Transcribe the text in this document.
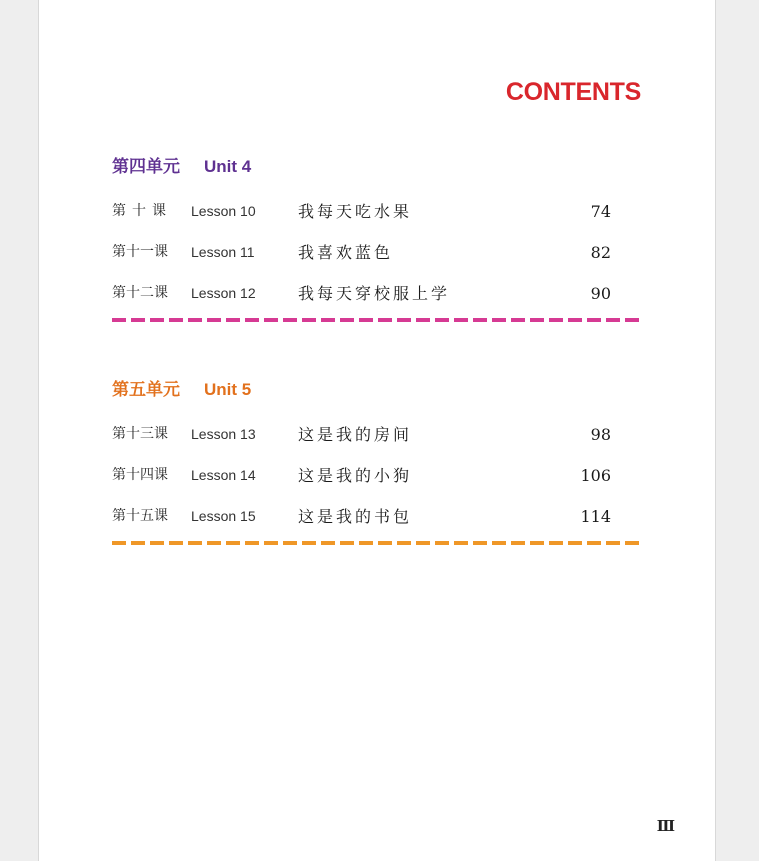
CONTENTS
第四单元 Unit 4
第十课	Lesson 10	我每天吃水果	74
第十一课	Lesson 11	我喜欢蓝色	82
第十二课	Lesson 12	我每天穿校服上学	90
第五单元 Unit 5
第十三课	Lesson 13	这是我的房间	98
第十四课	Lesson 14	这是我的小狗	106
第十五课	Lesson 15	这是我的书包	114
Ⅲ
